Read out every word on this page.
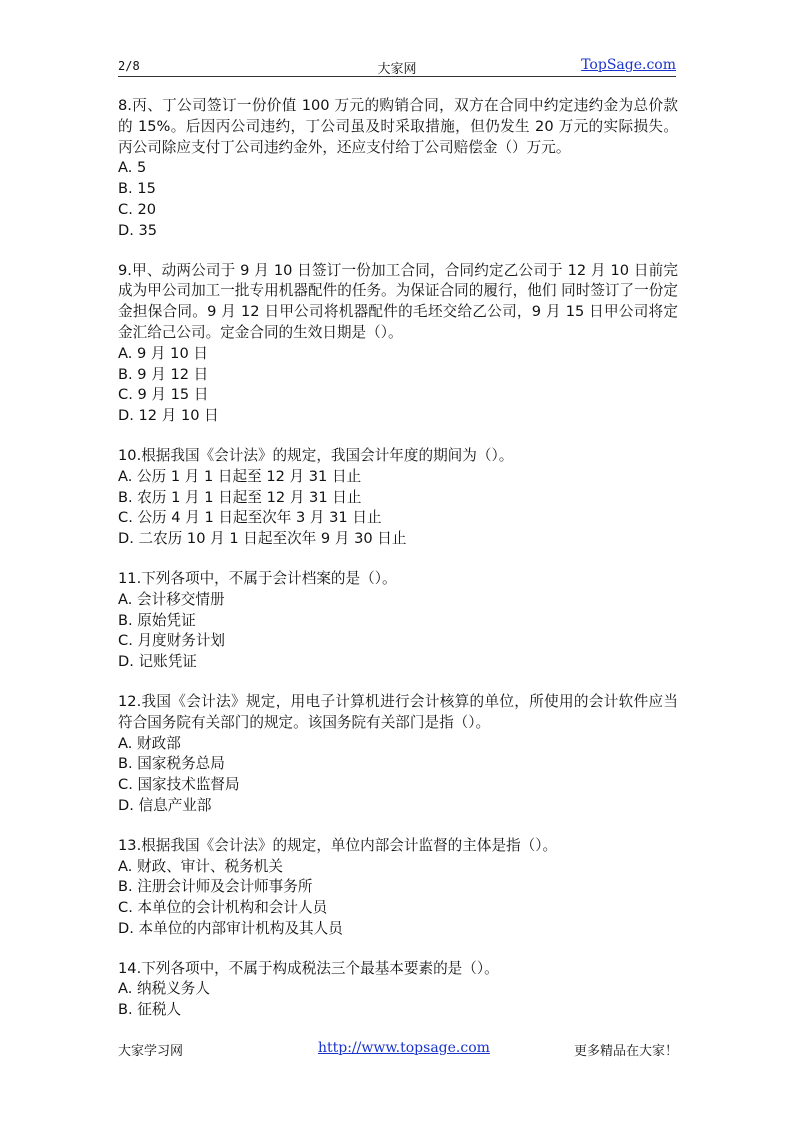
2/8	大家网	TopSage.com
8.丙、丁公司签订一份价值 100 万元的购销合同，双方在合同中约定违约金为总价款的 15%。后因丙公司违约，丁公司虽及时采取措施，但仍发生 20 万元的实际损失。丙公司除应支付丁公司违约金外，还应支付给丁公司赔偿金（）万元。
A. 5
B. 15
C. 20
D. 35
9.甲、动两公司于 9 月 10 日签订一份加工合同，合同约定乙公司于 12 月 10 日前完成为甲公司加工一批专用机器配件的任务。为保证合同的履行，他们 同时签订了一份定金担保合同。9 月 12 日甲公司将机器配件的毛坯交给乙公司，9 月 15 日甲公司将定金汇给己公司。定金合同的生效日期是（）。
A. 9 月 10 日
B. 9 月 12 日
C. 9 月 15 日
D. 12 月 10 日
10.根据我国《会计法》的规定，我国会计年度的期间为（）。
A. 公历 1 月 1 日起至 12 月 31 日止
B. 农历 1 月 1 日起至 12 月 31 日止
C. 公历 4 月 1 日起至次年 3 月 31 日止
D. 二农历 10 月 1 日起至次年 9 月 30 日止
11.下列各项中，不属于会计档案的是（）。
A. 会计移交情册
B. 原始凭证
C. 月度财务计划
D. 记账凭证
12.我国《会计法》规定，用电子计算机进行会计核算的单位，所使用的会计软件应当符合国务院有关部门的规定。该国务院有关部门是指（）。
A. 财政部
B. 国家税务总局
C. 国家技术监督局
D. 信息产业部
13.根据我国《会计法》的规定，单位内部会计监督的主体是指（）。
A. 财政、审计、税务机关
B. 注册会计师及会计师事务所
C. 本单位的会计机构和会计人员
D. 本单位的内部审计机构及其人员
14.下列各项中，不属于构成税法三个最基本要素的是（）。
A. 纳税义务人
B. 征税人
大家学习网	http://www.topsage.com	更多精品在大家！
